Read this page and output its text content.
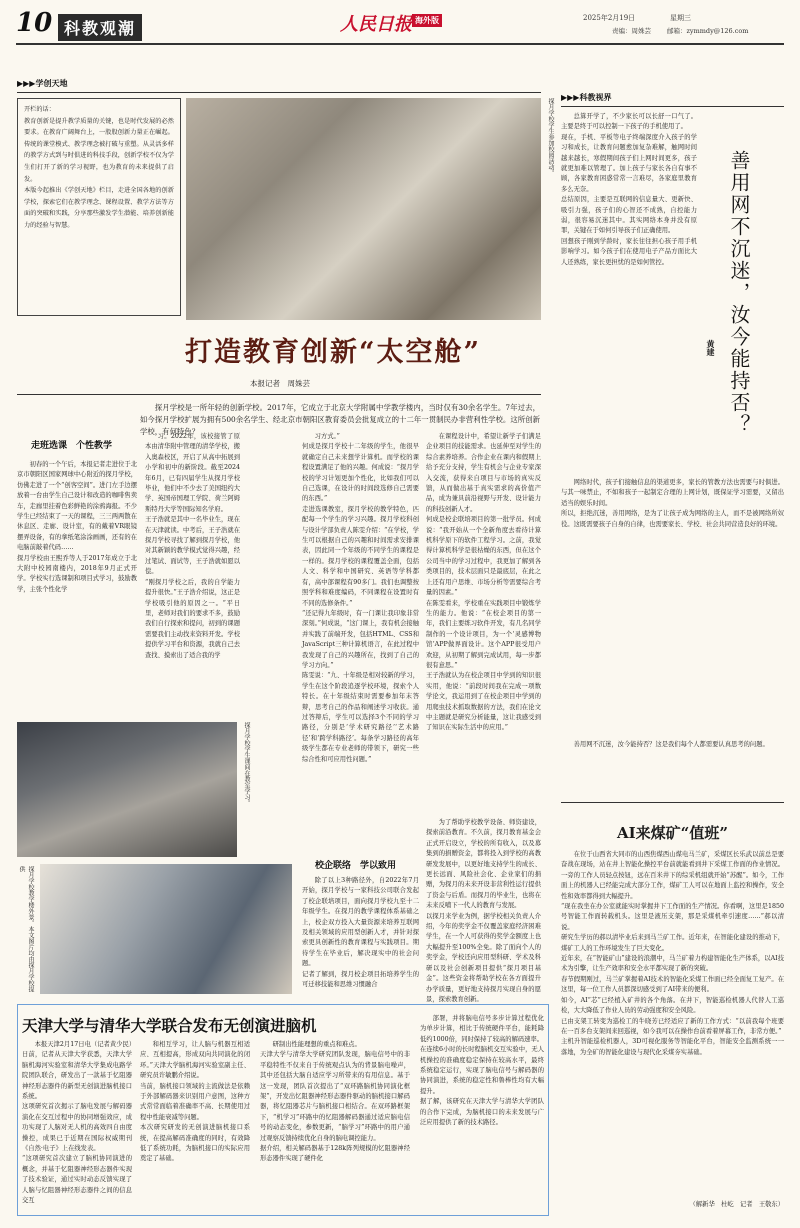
10 科教观潮	人民日报 海外版	2025年2月19日	星期三
责编：周姝芸 邮箱：zymmdy@126.com
▶▶▶学创天地
开栏的话：
教育创新是提升教学质量的关键，也是时代发展的必然要求。在教育广阔舞台上，一股股创新力量正在崛起。传统的课堂模式、教学理念被打破与重塑。从灵活多样的教学方式到与时俱进的科技手段，创新学校不仅为学生们打开了新的学习视野，也为教育的未来提供了启发。
本版今起推出《学创天地》栏目，走进全国各地的创新学校，探索它们在教学理念、课程设置、教学方法等方面的突破和实践，分享那些激发学生潜能、培养创新能力的经验与智慧。
探月学校学生参加校园活动。
打造教育创新“太空舱”
本报记者　周姝芸
探月学校是一所年轻的创新学校。2017年，它成立于北京大学附属中学教学楼内，当时仅有30余名学生。7年过去，如今探月学校扩展为拥有500余名学生、经北京市朝阳区教育委员会批复成立的十二年一贯制民办非营利性学校。这所创新学校，有何特色？
走班选课　个性教学
初春的一个午后，本报记者走进位于北京市朝阳区国家网球中心附近的探月学校，仿佛走进了一个“创客空间”。进门左手边摆放着一台由学生自己设计和改造的咖啡售卖车，走廊里挂着色彩鲜艳的涂鸦海报。不少学生已经结束了一天的课程，三三两两散在休息区、走廊、设计室，有的戴着VR眼镜摆弄设备，有的拿纸笔涂涂画画，还有的在电脑前敲着代码……
探月学校由王熙乔等人于2017年成立于北大附中校园南楼内，2018年9月正式开学。学校实行选课制和项目式学习，鼓励教学，主张个性化学
习。2022年，该校接管了原本由清华附中管理的清华学校，搬入奥森校区，开启了从高中拓展到小学和初中的新阶段。截至2024年6月，已有四届学生从探月学校毕业，他们中不少去了美国纽约大学、英国帝国理工学院、荷兰阿姆斯特丹大学等国际知名学府。
王子浩就是其中一名毕业生，现在在天津就读。中考后，王子浩就在探月学校寻找了解到探月学校，他对其新颖的教学模式觉得兴趣，经过笔试、面试等，王子浩就如愿以偿。
“刚探月学校之后，我的自学能力提升很快。”王子浩介绍说，这正是学校吸引他的原因之一。“平日里，老师对我们的要求不多，鼓励我们自行探索和提问，初到的课题需要我们主动找来资料开发。学校提供学习平台和资源，我就自己去查找、摸索出了适合我的学
习方式。”
何成是探月学校十二年级的学生，他很早就确定自己未来想学计算机。而学校的课程设置满足了他的兴趣。何成说：“探月学校的学习计划更加个性化，比如我们可以自己选课，在设计的时间段选修自己需要的东西。”
走进选课教室，探月学校的教学特色，匹配每一个学生的学习兴趣。探月学校科创与设计学部负责人陈雯介绍：“在学校，学生可以根据自己的兴趣和时间需求安排课表，因此同一个年级的不同学生的课程是一样的。探月学校的课程覆盖全面，包括人文、科学和中国研究、英语等学科都有，高中部课程有90多门。我们也调整按照学科和难度编码，不同课程在设置时有不同的选修条件。”
“还记得九年级时，有一门课让我印象非常深刻。”何成说，“这门课上，我有机会接触并实践了前端开发，包括HTML、CSS和JavaScript三种计算机语言，在此过程中我发现了自己的兴趣所在，找到了自己的学习方向。”
陈雯说：“九、十年级是相对较新的学习，学生在这个阶段追逐学校环境，探索个人特长。在十年级结束时需要参加年末答辩，思考自己的作品和阐述学习收获。通过答辩后，学生可以选择3个不同的学习路径，分别是‘学术研究路径’‘艺术路径’和‘跨学科路径’。每条学习路径的高年级学生都在专业老师的带领下，研究一些综合性和可应用性问题。”
校企联络　学以致用
除了以上3种路径外，自2022年7月开始，探月学校与一家科技公司联合发起了校企联培项目，面向探月学校九至十二年级学生。在探月的教学课程体系基础之上，校企双方投入大量资源来培养互联网及相关领域的应用型创新人才，并针对探索更具创新性的教育课程与实践项目。期待学生在毕业后，解决现实中的社会问题。
记者了解到，探月校企项目拓培养学生的可迁移技能和思维习惯融合
在课程设计中，希望让新学子们满足企业项目的技能需求。也延伸至对学生的综合素养培养。合作企业在课内和假期上给予充分支持，学生有机会与企业专家深入交流，获得来自项目与市场的真实反馈，从而做出基于真实需求的高价值产品，成为兼具前沿视野与开发、设计能力的科技创新人才。
何成是校企联培项目的第一批学员。何成说：“我开始从一个全新角度去看待计算机科学原下的软件工程学习。之前，我觉得计算机科学是很枯燥的东西，但在这个公司当中的学习过程中，我更加了解到各类项目的，技术层面只是最底层，在此之上还有用户思维、市场分析等需要综合考量的因素。”
在陈雯看来，学校重在实践项目中锻炼学生的能力。他说：“在校企项目的第一年，我们主要练习软件开发，有几名同学制作的一个设计项目，为一个‘灵感博物馆’APP做界面设计。这个APP很受用户欢迎，从初期了解到完成试用，每一步都很有意思。”
王子浩就认为在校企项目中学到的知识很实用，他说：“前段时间我在完成一项数学论文，我运用到了在校企项目中学到的用爬虫技术抓取数据的方法，我们在论文中主题就是研究分析能量，这让我感受到了知识在实际生活中的应用。”
为了帮助学校教学设备、师资建设，探索前沿教育。不久前，探月教育基金会正式开启设立，学校的所有收入，以及募集到的捐赠资金，都将投入到学校的高教研发发展中，以更好地支持学生的成长、更长远面、风险社会化、企业家们的捐赠，为探月的未来开设非营利性运行提供了资金与后盾。而探月的毕业生，也将在未来反哺下一代人的教育与发展。
以探月来学业为例，据学校相关负责人介绍，今年的奖学金不仅覆盖家庭经济困难学生，在一个人可获得的奖学金额度上也大幅提升至100%全免。除了面向个人的奖学金，学校还向应用型科研、学术及科研以及社会创新项目提供“探月项目基金”。这些资金将帮助学校在各方面提升办学质量，更好地支持探月实现自身的愿景，探索教育创新。
探月学校学生课间在教室学习。
探月学校教学楼外景。本文图片均由探月学校提供
▶▶▶科教视界
总算开学了，不少家长可以长舒一口气了。主要是终于可以控制一下孩子的手机使用了。
现在，手机、平板等电子终端深度介入孩子的学习和成长，让教育问题愈加复杂难解，触网时间越来越长，寒假期间孩子们上网时间更多，孩子就更加难以管理了。加上孩子与家长各自有事不顾，各家教育困惑常常一言难尽，各家庭里教育多么无奈。
总结原因，主要是互联网的信息量大、更新快、吸引力强，孩子们的心智还不成熟，自控能力弱，很容易沉迷其中。其实网络本身并没有原罪，关键在于如何引导孩子们正确使用。
回想孩子刚到学龄时，家长往往担心孩子用手机影响学习。如今孩子们在使用电子产品方面比大人还熟练，家长更担忧的是如何管控。	善用网不沉迷，汝今能持否？
黄建
网络时代，孩子们接触信息的渠道更多，家长的管教方法也需要与时俱进。与其一味禁止，不如和孩子一起制定合理的上网计划，既保证学习需要，又留出适当的娱乐时间。
所以，拒绝沉迷，善用网络，是为了让孩子成为网络的主人，而不是被网络所奴役。这既需要孩子自身的自律，也需要家长、学校、社会共同营造良好的环境。
善用网不沉迷，汝今能持否？这是我们每个人都需要认真思考的问题。
AI来煤矿“值班”
在位于山西省大同市的山西焦煤西山煤电马兰矿，采煤区长乐武以前总是要奋战在现场，站在井上智能化操控平台前就能看到井下采煤工作面的作业情况。一旁的工作人员轻点按钮，远在百米井下的综采机组就开始“苏醒”。如今，工作面上的机器人已经能完成大部分工作，煤矿工人可以在地面上监控和操作，安全性和效率都得到大幅提升。
“现在我坐在办公室就能实时掌握井下工作面的生产情况。你看啊，这里是1850号智能工作面转载机头。这里是液压支架，那是采煤机牵引速度……”郝以清说。
研究生学历的郝以清毕业后来到马兰矿工作。近年来，在智能化建设的推动下，煤矿工人的工作环境发生了巨大变化。
近年来，在“智能矿山”建设的浪潮中，马兰矿着力构建智能化生产体系，以AI技术为引擎，让生产效率和安全水平都实现了新的突破。
春节假期刚过，马兰矿掌握着AI技术的智能化采煤工作面已经全面复工复产。在这里，每一位工作人员都深切感受到了AI带来的便利。
如今，AI“芯”已经植入矿井的各个角落。在井下，智能巡检机器人代替人工巡检，大大降低了作业人员的劳动强度和安全风险。
已由支架工转变为巡检工的牛晓芳已经适应了新的工作方式：“以前我每个班要在一百多台支架间来回巡视，如今我可以在操作台前看着屏幕工作，非常方便。”
主机升智能巡检机器人，3D可视化服务等智能化平台，智能安全监测系统一一落地，为全矿的智能化建设与现代化采煤夯实基础。
（解新华　杜屹　记者　王敬东）
天津大学与清华大学联合发布无创演进脑机
本报天津2月17日电（记者黄少民）日前，记者从天津大学获悉，天津大学脑机海河实验室和清华大学集成电路学院团队联合，研发出了一款基于忆阻器神经形态器件的新型无创演进脑机接口系统。
这项研究首次揭示了脑电发展与解码器演化在交互过程中的协同增强效应，成功实现了人脑对无人机的高效四自由度操控，成果已于近期在国际权威期刊《自然·电子》上在线发表。
“这项研究首次建立了脑机协同演进的概念，并基于忆阻器神经形态器件实现了技术验证，通过实时动态反馈实现了人脑与忆阻器神经形态器件之间的信息交互
和相互学习，让人脑与机器互相适应、互相提高，形成双向共同演化的闭环。”天津大学脑机海河实验室副主任、研究员许敏鹏介绍说。
当前，脑机接口领域的主流做法是依赖于外部解码器来识别用户意图，这种方式常常面临着准确率不高、长期使用过程中性能衰减等问题。
本次研究研发的无创演进脑机接口系统，在提高解码准确度的同时，有效降低了系统功耗，为脑机接口的实际应用奠定了基础。
研制出性能理想的重点和难点。
天津大学与清华大学研究团队发现，脑电信号中的非平稳特性不仅来自于传统观点认为的背景脑电噪声，其中还包括大脑自适应学习所带来的有用信息。基于这一发现，团队首次提出了“双环路脑机协同演化框架”，开发出忆阻器神经形态器件驱动的脑机接口解码器，将忆阻器芯片与脑机接口相结合。在双环路框架下，“机学习”环路中的忆阻器解码器通过适应脑电信号的动态变化，参数更新，“脑学习”环路中的用户通过观察反馈持续优化自身的脑电调控能力。
据介绍，相关解码器基于128k阵列规模的忆阻器神经形态器件实现了硬件化
部署，并将脑电信号多步计算过程优化为单步计算，相比于传统硬件平台，能耗降低约1000倍，同时保持了较高的解码速率。
在连续6小时的长时程脑机交互实验中，无人机操控的准确度稳定保持在较高水平，最终系统稳定运行，实现了脑电信号与解码器的协同演进，系统的稳定性和鲁棒性均有大幅提升。
据了解，该研究在天津大学与清华大学团队的合作下完成，为脑机接口的未来发展与广泛应用提供了新的技术路径。
